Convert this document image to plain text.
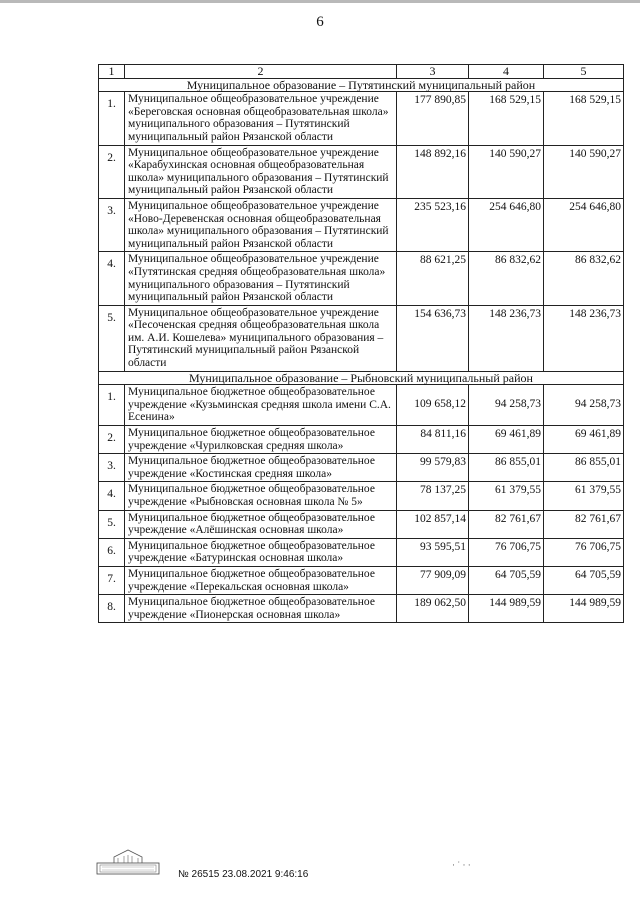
6
1	2	3	4	5
Муниципальное образование – Путятинский муниципальный район				
1.	Муниципальное общеобразовательное учреждение «Береговская основная общеобразовательная школа» муниципального образования – Путятинский муниципальный район Рязанской области	177 890,85	168 529,15	168 529,15
2.	Муниципальное общеобразовательное учреждение «Карабухинская основная общеобразовательная школа» муниципального образования – Путятинский муниципальный район Рязанской области	148 892,16	140 590,27	140 590,27
3.	Муниципальное общеобразовательное учреждение «Ново-Деревенская основная общеобразовательная школа» муниципального образования – Путятинский муниципальный район Рязанской области	235 523,16	254 646,80	254 646,80
4.	Муниципальное общеобразовательное учреждение «Путятинская средняя общеобразовательная школа» муниципального образования – Путятинский муниципальный район Рязанской области	88 621,25	86 832,62	86 832,62
5.	Муниципальное общеобразовательное учреждение «Песоченская средняя общеобразовательная школа им. А.И. Кошелева» муниципального образования – Путятинский муниципальный район Рязанской области	154 636,73	148 236,73	148 236,73
Муниципальное образование – Рыбновский муниципальный район				
1.	Муниципальное бюджетное общеобразовательное учреждение «Кузьминская средняя школа имени С.А. Есенина»	109 658,12	94 258,73	94 258,73
2.	Муниципальное бюджетное общеобразовательное учреждение «Чурилковская средняя школа»	84 811,16	69 461,89	69 461,89
3.	Муниципальное бюджетное общеобразовательное учреждение «Костинская средняя школа»	99 579,83	86 855,01	86 855,01
4.	Муниципальное бюджетное общеобразовательное учреждение «Рыбновская основная школа № 5»	78 137,25	61 379,55	61 379,55
5.	Муниципальное бюджетное общеобразовательное учреждение «Алёшинская основная школа»	102 857,14	82 761,67	82 761,67
6.	Муниципальное бюджетное общеобразовательное учреждение «Батуринская основная школа»	93 595,51	76 706,75	76 706,75
7.	Муниципальное бюджетное общеобразовательное учреждение «Перекальская основная школа»	77 909,09	64 705,59	64 705,59
8.	Муниципальное бюджетное общеобразовательное учреждение «Пионерская основная школа»	189 062,50	144 989,59	144 989,59
№ 26515 23.08.2021 9:46:16
· ˙ · ·
